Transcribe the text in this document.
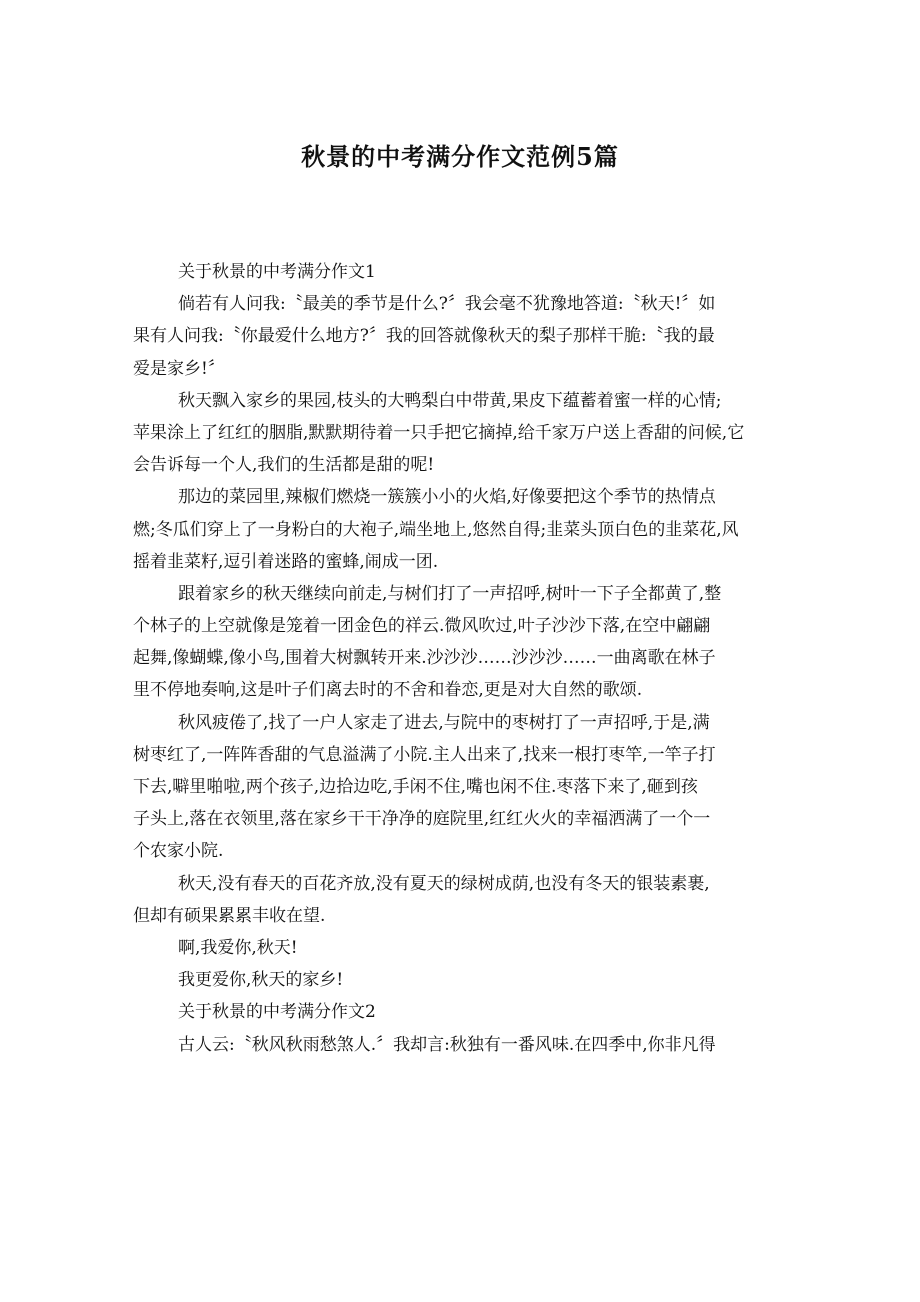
秋景的中考满分作文范例5篇
关于秋景的中考满分作文1
倘若有人问我:〝最美的季节是什么?〞我会毫不犹豫地答道:〝秋天!〞如
果有人问我:〝你最爱什么地方?〞我的回答就像秋天的梨子那样干脆:〝我的最
爱是家乡!〞
秋天飘入家乡的果园,枝头的大鸭梨白中带黄,果皮下蕴蓄着蜜一样的心情;
苹果涂上了红红的胭脂,默默期待着一只手把它摘掉,给千家万户送上香甜的问候,它
会告诉每一个人,我们的生活都是甜的呢!
那边的菜园里,辣椒们燃烧一簇簇小小的火焰,好像要把这个季节的热情点
燃;冬瓜们穿上了一身粉白的大袍子,端坐地上,悠然自得;韭菜头顶白色的韭菜花,风
摇着韭菜籽,逗引着迷路的蜜蜂,闹成一团.
跟着家乡的秋天继续向前走,与树们打了一声招呼,树叶一下子全都黄了,整
个林子的上空就像是笼着一团金色的祥云.微风吹过,叶子沙沙下落,在空中翩翩
起舞,像蝴蝶,像小鸟,围着大树飘转开来.沙沙沙……沙沙沙……一曲离歌在林子
里不停地奏响,这是叶子们离去时的不舍和眷恋,更是对大自然的歌颂.
秋风疲倦了,找了一户人家走了进去,与院中的枣树打了一声招呼,于是,满
树枣红了,一阵阵香甜的气息溢满了小院.主人出来了,找来一根打枣竿,一竿子打
下去,噼里啪啦,两个孩子,边拾边吃,手闲不住,嘴也闲不住.枣落下来了,砸到孩
子头上,落在衣领里,落在家乡干干净净的庭院里,红红火火的幸福洒满了一个一
个农家小院.
秋天,没有春天的百花齐放,没有夏天的绿树成荫,也没有冬天的银装素裹,
但却有硕果累累丰收在望.
啊,我爱你,秋天!
我更爱你,秋天的家乡!
关于秋景的中考满分作文2
古人云:〝秋风秋雨愁煞人.〞我却言:秋独有一番风味.在四季中,你非凡得
